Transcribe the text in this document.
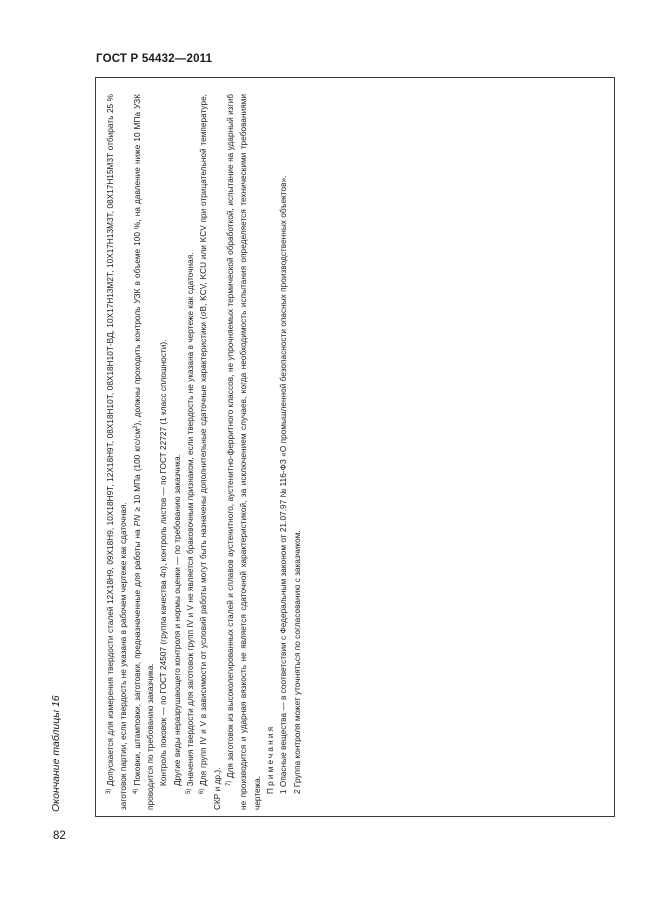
ГОСТ Р 54432—2011
Окончание таблицы 16
82

$^{3)}$ Допускается для измерения твердости сталей 12Х18Н9, 09Х18Н9, 10Х18Н9Т, 12Х18Н9Т, 08Х18Н10Т, 08Х18Н10Т-ВД, 10Х17Н13М2Т, 10Х17Н13М3Т, 08Х17Н15М3Т отбирать 25 % заготовок партии, если твердость не указана в рабочем чертеже как сдаточная. $^{4)}$ Поковки, штамповки, заготовки, предназначенные для работы на PN ≥ 10 МПа (100 кгс/$см^2$), должны проходить контроль УЗК в объеме 100 %, на давление ниже 10 МПа УЗК проводится по требованию заказчика. Контроль поковок — по ГОСТ 24507 (группа качества 4n), контроль листов — по ГОСТ 22727 (1 класс сплошности). Другие виды неразрушающего контроля и нормы оценки — по требованию заказчика.

$^{5)}$ Значения твердости для заготовок групп IV и V не является браковочным признаком, если твердость не указана в чертеже как сдаточная.

$^{6)}$ Для групп IV и V в зависимости от условий работы могут быть назначены дополнительные сдаточные характеристики (σВ, KCV, KCU или KCV при отрицательной температуре, СКР и др.). $^{7)}$ Для заготовок из высоколегированных сталей и сплавов аустенитного, аустенитно-ферритного классов, не упрочняемых термической обработкой, испытание на ударный изгиб не производится и ударная вязкость не является сдаточной характеристикой, за исключением случаев, когда необходимость испытания определяется техническими требованиями чертежа. Примечания 1 Опасные вещества — в соответствии с Федеральным законом от 21.07.97 № 116-ФЗ «О промышленной безопасности опасных производственных объектов». 2 Группа контроля может уточняться по согласованию с заказчиком.
